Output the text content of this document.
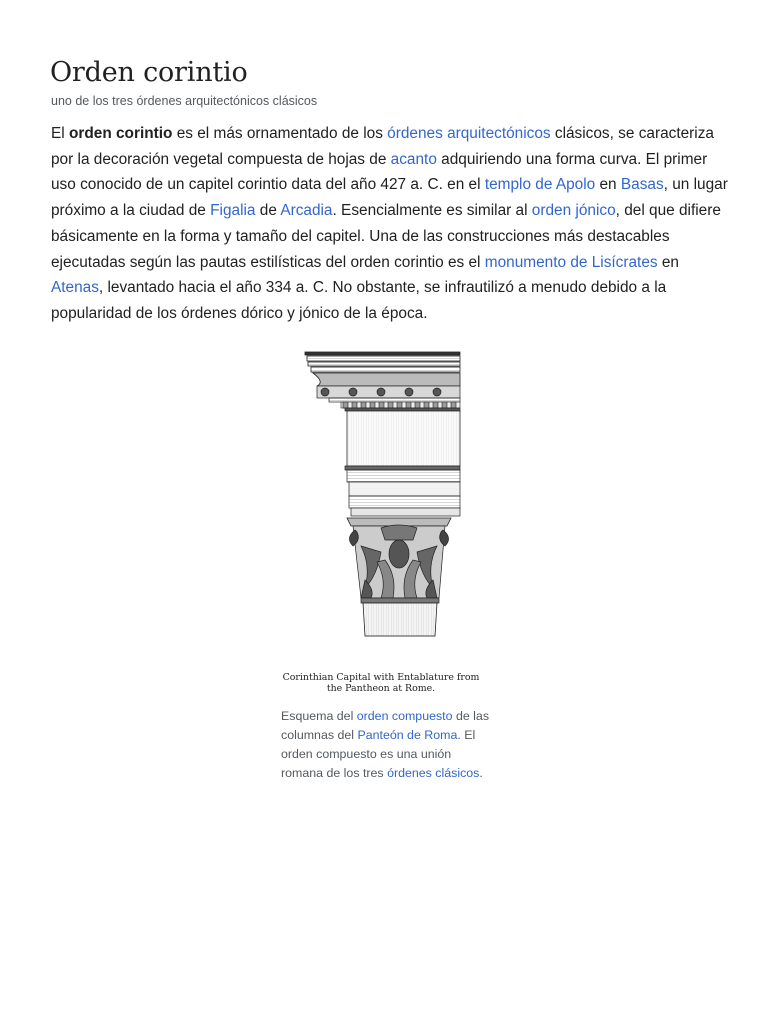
Orden corintio

uno de los tres órdenes arquitectónicos clásicos

El orden corintio es el más ornamentado de los órdenes arquitectónicos clásicos, se caracteriza por la decoración vegetal compuesta de hojas de acanto adquiriendo una forma curva. El primer uso conocido de un capitel corintio data del año 427 a. C. en el templo de Apolo en Basas, un lugar próximo a la ciudad de Figalia de Arcadia. Esencialmente es similar al orden jónico, del que difiere básicamente en la forma y tamaño del capitel. Una de las construcciones más destacables ejecutadas según las pautas estilísticas del orden corintio es el monumento de Lisícrates en Atenas, levantado hacia el año 334 a. C. No obstante, se infrautilizó a menudo debido a la popularidad de los órdenes dórico y jónico de la época.

Corinthian Capital with Entablature from
the Pantheon at Rome.

Esquema del orden compuesto de las columnas del Panteón de Roma. El orden compuesto es una unión romana de los tres órdenes clásicos.
